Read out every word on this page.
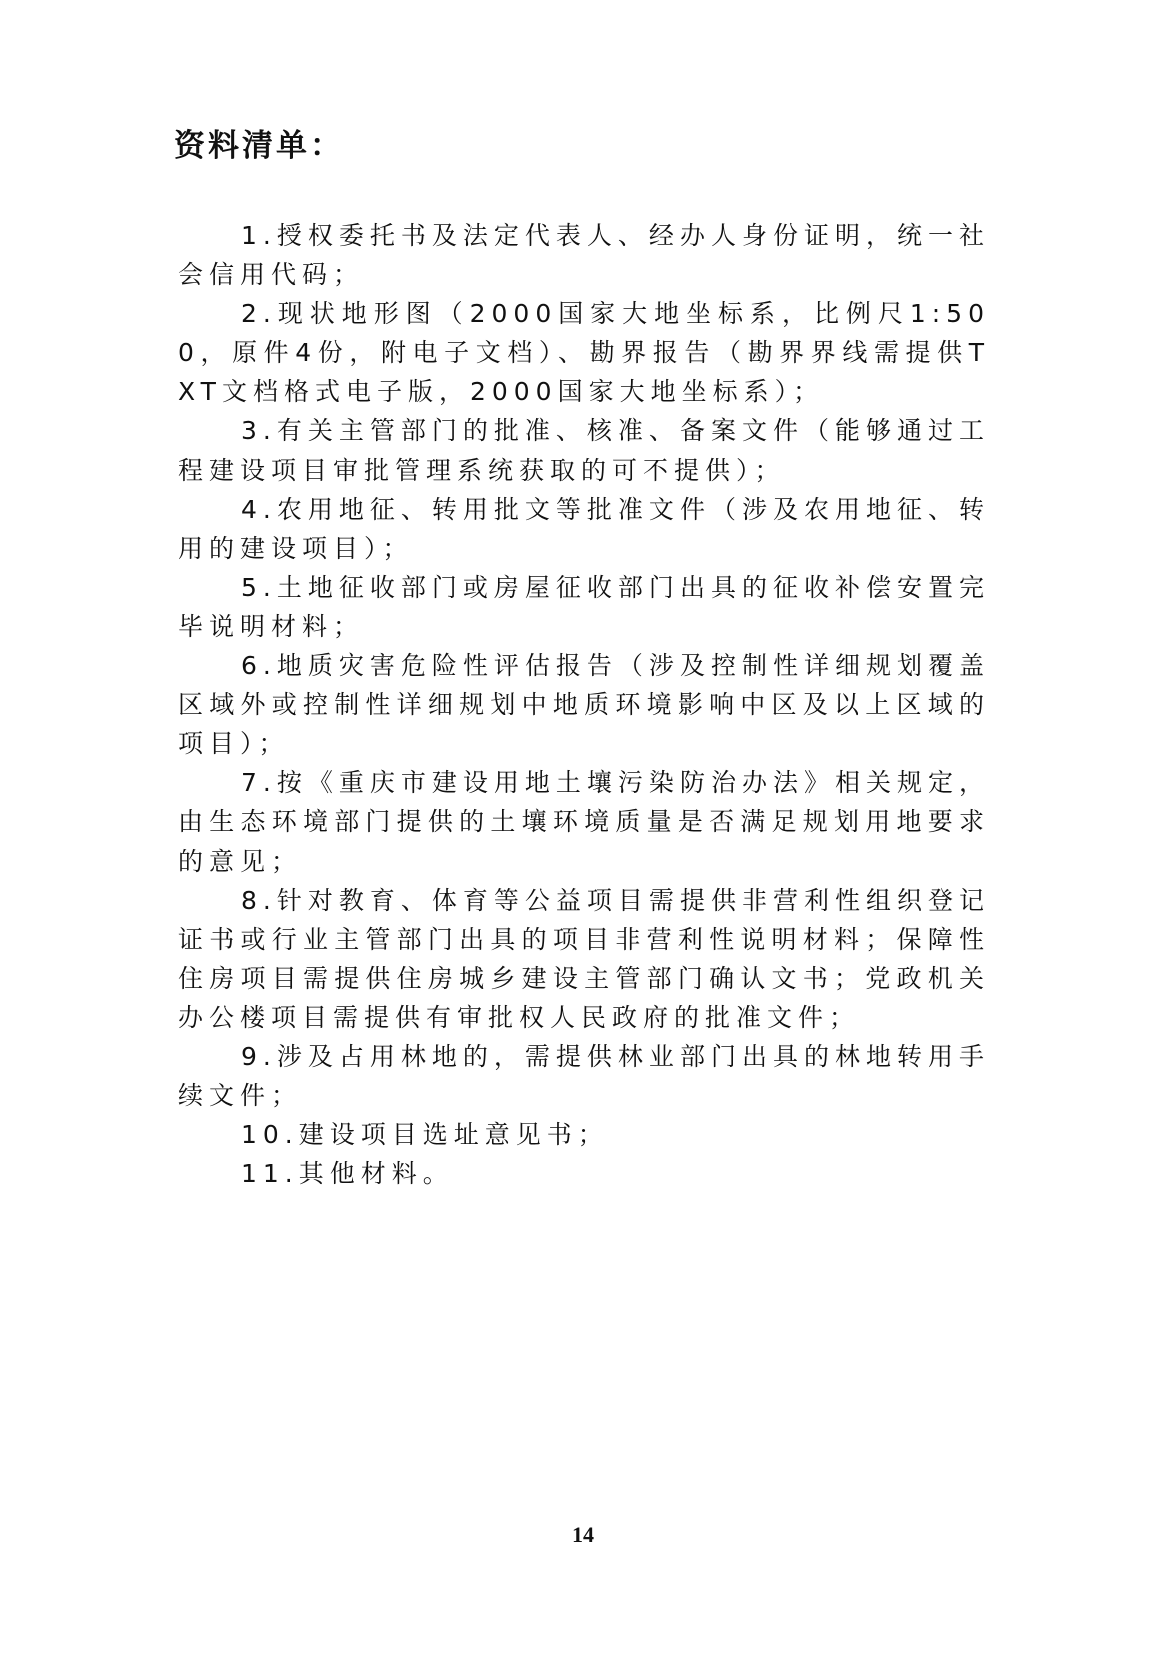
资料清单：

1.授权委托书及法定代表人、经办人身份证明，统一社会信用代码；

2.现状地形图（2000国家大地坐标系，比例尺1:500，原件4份，附电子文档）、勘界报告（勘界界线需提供TXT文档格式电子版，2000国家大地坐标系）；

3.有关主管部门的批准、核准、备案文件（能够通过工程建设项目审批管理系统获取的可不提供）；

4.农用地征、转用批文等批准文件（涉及农用地征、转用的建设项目）；

5.土地征收部门或房屋征收部门出具的征收补偿安置完毕说明材料；

6.地质灾害危险性评估报告（涉及控制性详细规划覆盖区域外或控制性详细规划中地质环境影响中区及以上区域的项目）；

7.按《重庆市建设用地土壤污染防治办法》相关规定，由生态环境部门提供的土壤环境质量是否满足规划用地要求的意见；

8.针对教育、体育等公益项目需提供非营利性组织登记证书或行业主管部门出具的项目非营利性说明材料；保障性住房项目需提供住房城乡建设主管部门确认文书；党政机关办公楼项目需提供有审批权人民政府的批准文件；

9.涉及占用林地的，需提供林业部门出具的林地转用手续文件；

10.建设项目选址意见书；

11.其他材料。

14
